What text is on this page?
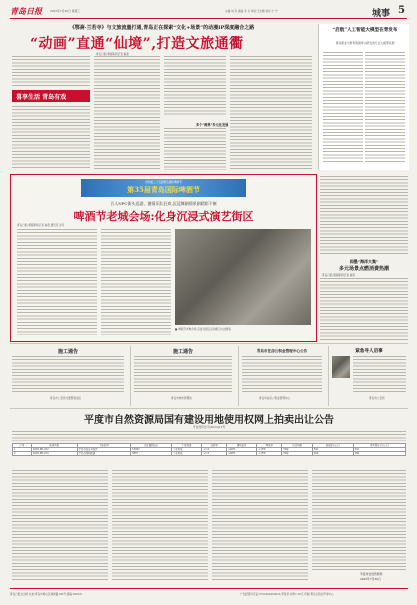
青岛日报	2025年7月30日 星期三	主编:刘 丹 美编:戈 戈 审读:王志刚 校对:卞 宁	城事 5
《鄂斋·兰若寺》与文旅流量打通,青岛正在探索“文化+场景”的动漫IP深度融合之路
“动画”直通“仙境”,打造文旅通衢
喜享生活 青岛有戏
青岛日报/观海新闻记者 崔燕
多个“跨界”多元化发展
“启航”人工智能大模型在青发布
青岛职业与教育集团牵头研发的专业大模型亮相
缤纷第三十五届青岛国际啤酒节
第35届青岛国际啤酒节
百人NPC街头巡游、激情乐队狂欢,沉浸舞剧情景剧精彩不断
啤酒节老城会场:化身沉浸式演艺街区
青岛日报/观海新闻记者 崔燕 通讯员 彭月
■ 啤酒节老城会场 沉浸式街区活动吸引大批游客
即墨“海洋大集”
多元场景点燃消费热潮
青岛日报/观海新闻记者 崔燕
施工通告
青岛市公安局交通警察支队
施工通告
青岛市城市管理局
青岛市住房公积金管理中心公告
青岛市住房公积金管理中心
紧急寻人启事
青岛市公安局
平度市自然资源局国有建设用地使用权网上拍卖出让公告
平自然资告字[2025]12号
序号	地块名称	土地位置	出让面积(㎡)	土地用途	容积率	建筑密度	绿地率	出让年限	起始价(万元)	竞买保证金(万元)
1	2025-PD-012	平度市经济开发区	18052	工业用地	≥1.0	≥40%	≤15%	50年	541	541
2	2025-PD-013	平度市同和街道	9867	工业用地	≥1.0	≥40%	≤15%	50年	296	296
平度市自然资源局
2025年7月30日
青岛日报社出版 社址:青岛市崂山区株洲路190号 邮编:266101	广告经营许可证:3702004000026 零售价:每份1.50元 印刷:青岛日报社印务中心
